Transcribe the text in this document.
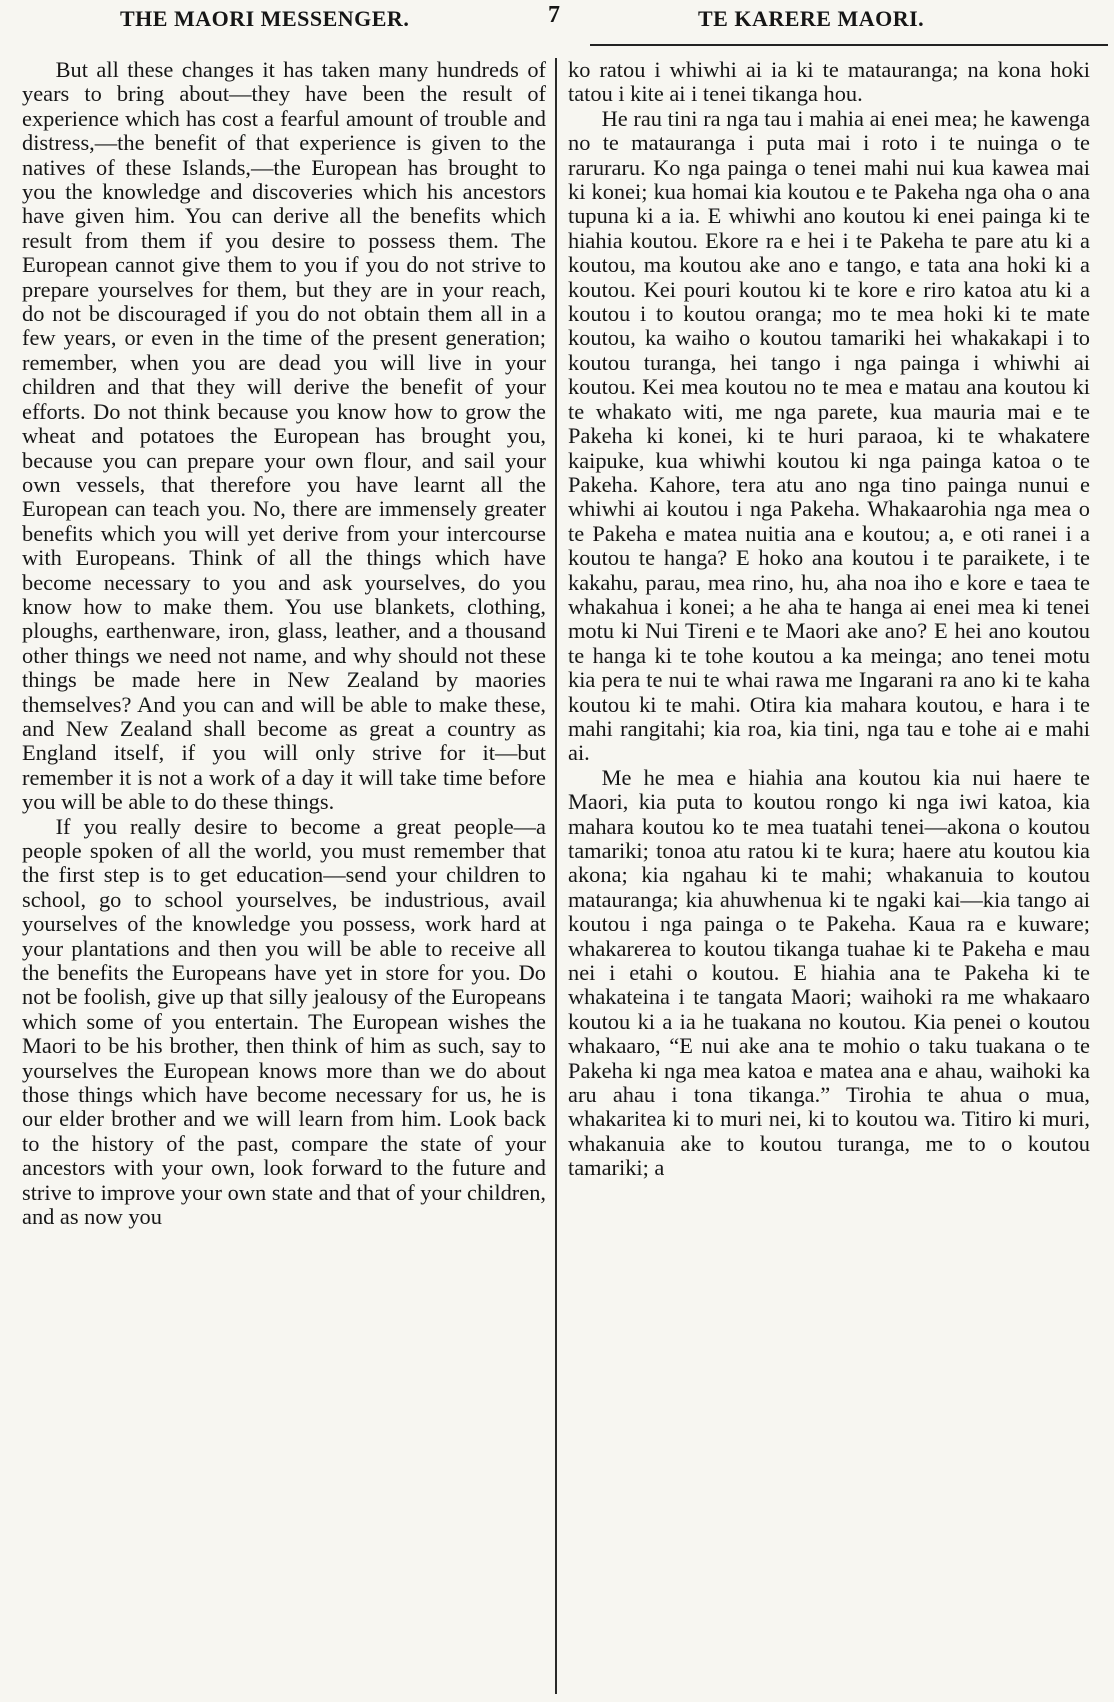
THE MAORI MESSENGER.	7	TE KARERE MAORI.

But all these changes it has taken many hundreds of years to bring about—they have been the result of experience which has cost a fearful amount of trouble and distress,—the benefit of that experience is given to the natives of these Islands,—the European has brought to you the knowledge and discoveries which his ancestors have given him. You can derive all the benefits which result from them if you desire to possess them. The European cannot give them to you if you do not strive to prepare yourselves for them, but they are in your reach, do not be discouraged if you do not obtain them all in a few years, or even in the time of the present generation; remember, when you are dead you will live in your children and that they will derive the benefit of your efforts. Do not think because you know how to grow the wheat and potatoes the European has brought you, because you can prepare your own flour, and sail your own vessels, that therefore you have learnt all the European can teach you. No, there are immensely greater benefits which you will yet derive from your intercourse with Europeans. Think of all the things which have become necessary to you and ask yourselves, do you know how to make them. You use blankets, clothing, ploughs, earthenware, iron, glass, leather, and a thousand other things we need not name, and why should not these things be made here in New Zealand by maories themselves? And you can and will be able to make these, and New Zealand shall become as great a country as England itself, if you will only strive for it—but remember it is not a work of a day it will take time before you will be able to do these things.

If you really desire to become a great people—a people spoken of all the world, you must remember that the first step is to get education—send your children to school, go to school yourselves, be industrious, avail yourselves of the knowledge you possess, work hard at your plantations and then you will be able to receive all the benefits the Europeans have yet in store for you. Do not be foolish, give up that silly jealousy of the Europeans which some of you entertain. The European wishes the Maori to be his brother, then think of him as such, say to yourselves the European knows more than we do about those things which have become necessary for us, he is our elder brother and we will learn from him. Look back to the history of the past, compare the state of your ancestors with your own, look forward to the future and strive to improve your own state and that of your children, and as now you

ko ratou i whiwhi ai ia ki te matauranga; na kona hoki tatou i kite ai i tenei tikanga hou.

He rau tini ra nga tau i mahia ai enei mea; he kawenga no te matauranga i puta mai i roto i te nuinga o te raruraru. Ko nga painga o tenei mahi nui kua kawea mai ki konei; kua homai kia koutou e te Pakeha nga oha o ana tupuna ki a ia. E whiwhi ano koutou ki enei painga ki te hiahia koutou. Ekore ra e hei i te Pakeha te pare atu ki a koutou, ma koutou ake ano e tango, e tata ana hoki ki a koutou. Kei pouri koutou ki te kore e riro katoa atu ki a koutou i to koutou oranga; mo te mea hoki ki te mate koutou, ka waiho o koutou tamariki hei whakakapi i to koutou turanga, hei tango i nga painga i whiwhi ai koutou. Kei mea koutou no te mea e matau ana koutou ki te whakato witi, me nga parete, kua mauria mai e te Pakeha ki konei, ki te huri paraoa, ki te whakatere kaipuke, kua whiwhi koutou ki nga painga katoa o te Pakeha. Kahore, tera atu ano nga tino painga nunui e whiwhi ai koutou i nga Pakeha. Whakaarohia nga mea o te Pakeha e matea nuitia ana e koutou; a, e oti ranei i a koutou te hanga? E hoko ana koutou i te paraikete, i te kakahu, parau, mea rino, hu, aha noa iho e kore e taea te whakahua i konei; a he aha te hanga ai enei mea ki tenei motu ki Nui Tireni e te Maori ake ano? E hei ano koutou te hanga ki te tohe koutou a ka meinga; ano tenei motu kia pera te nui te whai rawa me Ingarani ra ano ki te kaha koutou ki te mahi. Otira kia mahara koutou, e hara i te mahi rangitahi; kia roa, kia tini, nga tau e tohe ai e mahi ai.

Me he mea e hiahia ana koutou kia nui haere te Maori, kia puta to koutou rongo ki nga iwi katoa, kia mahara koutou ko te mea tuatahi tenei—akona o koutou tamariki; tonoa atu ratou ki te kura; haere atu koutou kia akona; kia ngahau ki te mahi; whakanuia to koutou matauranga; kia ahuwhenua ki te ngaki kai—kia tango ai koutou i nga painga o te Pakeha. Kaua ra e kuware; whakarerea to koutou tikanga tuahae ki te Pakeha e mau nei i etahi o koutou. E hiahia ana te Pakeha ki te whakateina i te tangata Maori; waihoki ra me whakaaro koutou ki a ia he tuakana no koutou. Kia penei o koutou whakaaro, “E nui ake ana te mohio o taku tuakana o te Pakeha ki nga mea katoa e matea ana e ahau, waihoki ka aru ahau i tona tikanga.” Tirohia te ahua o mua, whakaritea ki to muri nei, ki to koutou wa. Titiro ki muri, whakanuia ake to koutou turanga, me to o koutou tamariki; a
